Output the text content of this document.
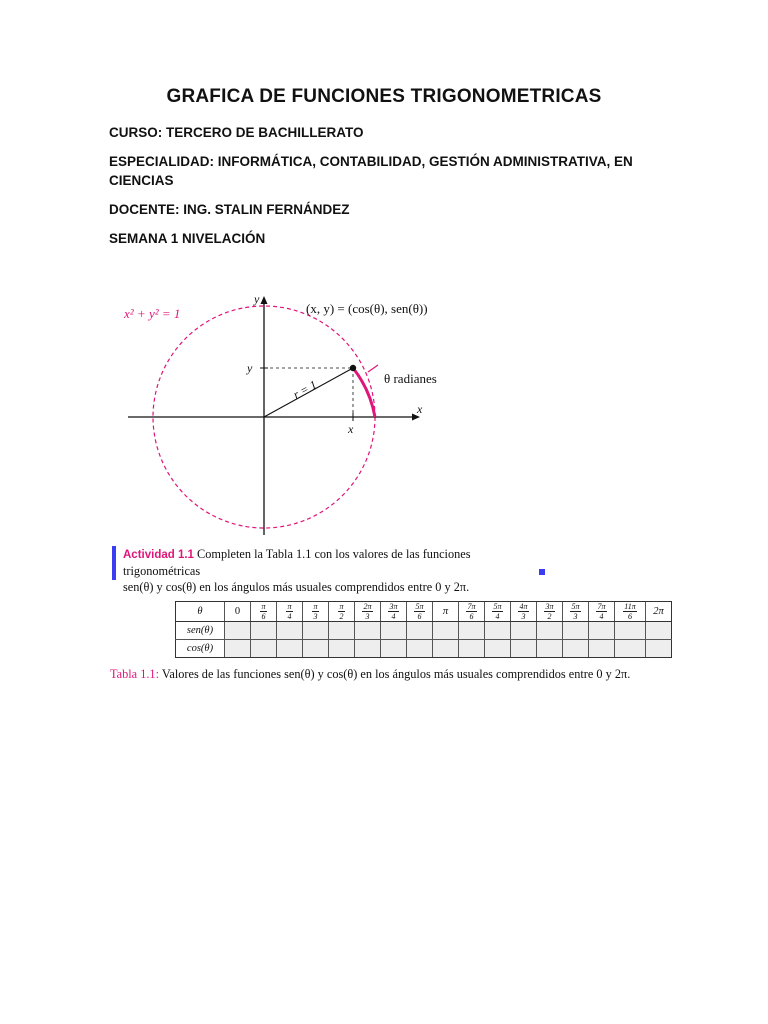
GRAFICA DE FUNCIONES TRIGONOMETRICAS
CURSO: TERCERO DE BACHILLERATO
ESPECIALIDAD: INFORMÁTICA, CONTABILIDAD, GESTIÓN ADMINISTRATIVA, EN
CIENCIAS
DOCENTE: ING. STALIN FERNÁNDEZ
SEMANA 1 NIVELACIÓN
x² + y² = 1	(x, y) = (cos(θ), sen(θ))
θ radianes
r = 1
x
y
x
y
Actividad 1.1 Completen la Tabla 1.1 con los valores de las funciones trigonométricas
sen(θ) y cos(θ) en los ángulos más usuales comprendidos entre 0 y 2π.
θ	0	$\frac{\pi}{6}$	$\frac{\pi}{4}$	$\frac{\pi}{3}$	$\frac{\pi}{2}$	$\frac{2\pi}{3}$	$\frac{3\pi}{4}$	$\frac{5\pi}{6}$	π	$\frac{7\pi}{6}$	$\frac{5\pi}{4}$	$\frac{4\pi}{3}$	$\frac{3\pi}{2}$	$\frac{5\pi}{3}$	$\frac{7\pi}{4}$	$\frac{11\pi}{6}$	2π
sen(θ)																	
cos(θ)																	
Tabla 1.1: Valores de las funciones sen(θ) y cos(θ) en los ángulos más usuales comprendidos entre 0 y 2π.
